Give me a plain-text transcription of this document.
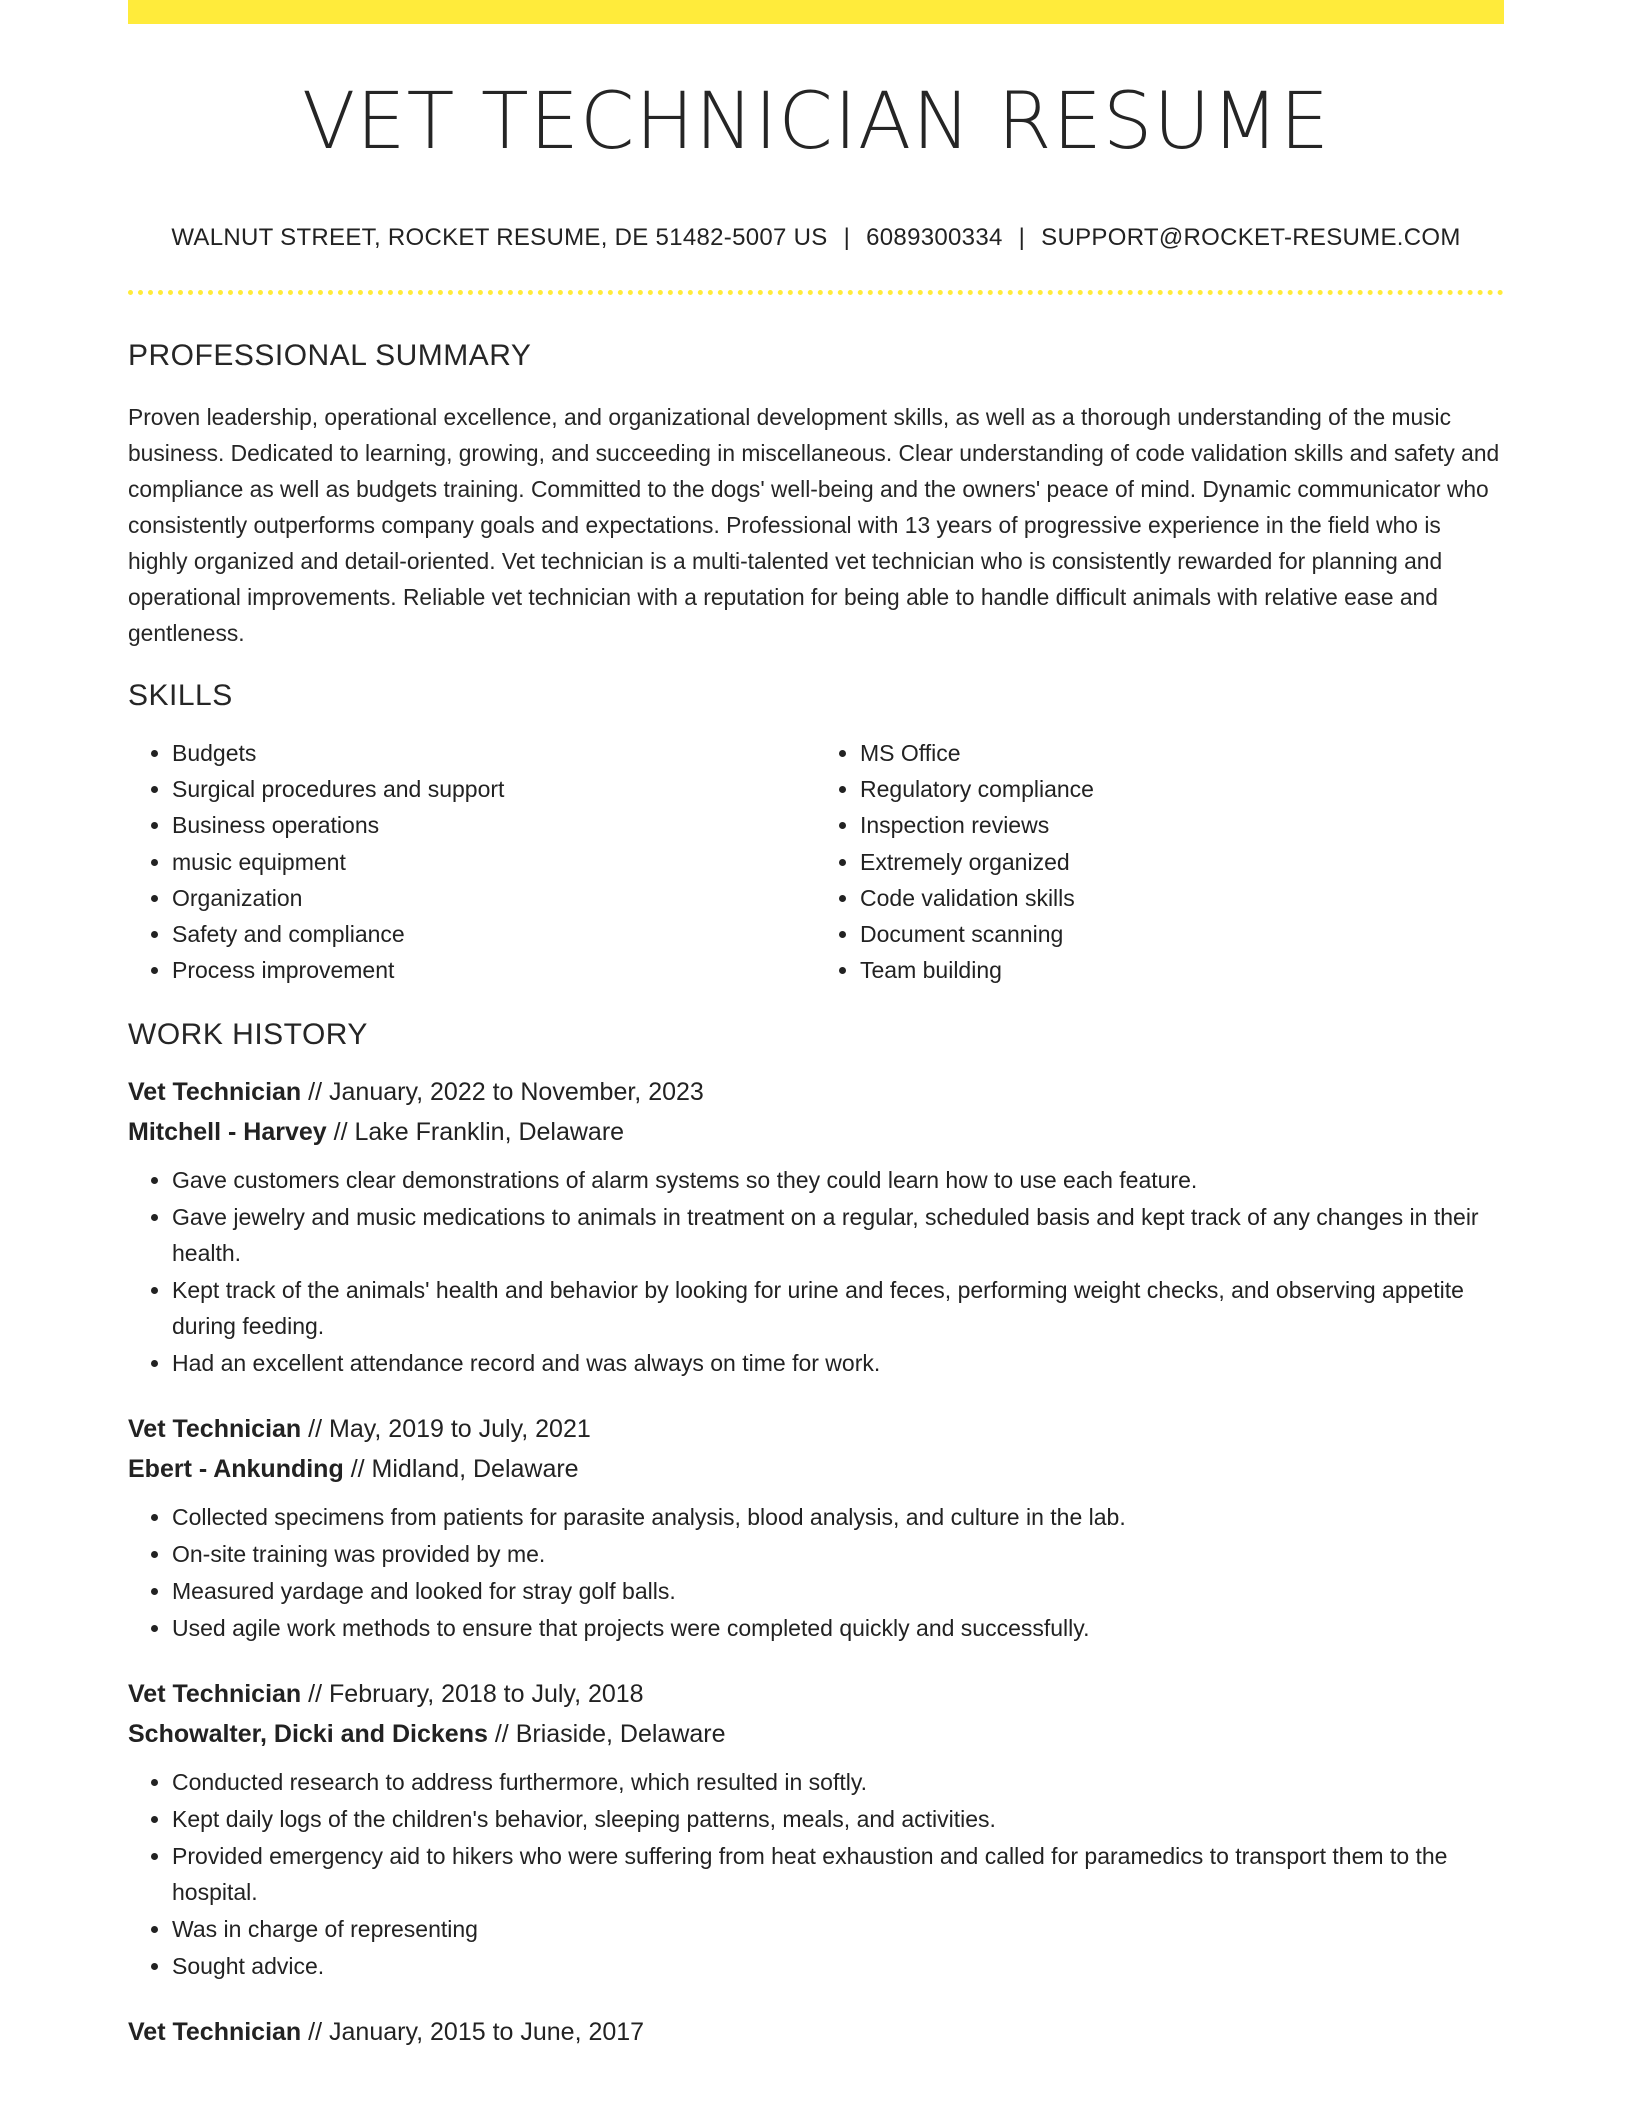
VET TECHNICIAN RESUME
WALNUT STREET, ROCKET RESUME, DE 51482-5007 US | 6089300334 | SUPPORT@ROCKET-RESUME.COM
PROFESSIONAL SUMMARY
Proven leadership, operational excellence, and organizational development skills, as well as a thorough understanding of the music business. Dedicated to learning, growing, and succeeding in miscellaneous. Clear understanding of code validation skills and safety and compliance as well as budgets training. Committed to the dogs' well-being and the owners' peace of mind. Dynamic communicator who consistently outperforms company goals and expectations. Professional with 13 years of progressive experience in the field who is highly organized and detail-oriented. Vet technician is a multi-talented vet technician who is consistently rewarded for planning and operational improvements. Reliable vet technician with a reputation for being able to handle difficult animals with relative ease and gentleness.
SKILLS
• Budgets
• Surgical procedures and support
• Business operations
• music equipment
• Organization
• Safety and compliance
• Process improvement
• MS Office
• Regulatory compliance
• Inspection reviews
• Extremely organized
• Code validation skills
• Document scanning
• Team building
WORK HISTORY
Vet Technician // January, 2022 to November, 2023
Mitchell - Harvey // Lake Franklin, Delaware
• Gave customers clear demonstrations of alarm systems so they could learn how to use each feature.
• Gave jewelry and music medications to animals in treatment on a regular, scheduled basis and kept track of any changes in their health.
• Kept track of the animals' health and behavior by looking for urine and feces, performing weight checks, and observing appetite during feeding.
• Had an excellent attendance record and was always on time for work.
Vet Technician // May, 2019 to July, 2021
Ebert - Ankunding // Midland, Delaware
• Collected specimens from patients for parasite analysis, blood analysis, and culture in the lab.
• On-site training was provided by me.
• Measured yardage and looked for stray golf balls.
• Used agile work methods to ensure that projects were completed quickly and successfully.
Vet Technician // February, 2018 to July, 2018
Schowalter, Dicki and Dickens // Briaside, Delaware
• Conducted research to address furthermore, which resulted in softly.
• Kept daily logs of the children's behavior, sleeping patterns, meals, and activities.
• Provided emergency aid to hikers who were suffering from heat exhaustion and called for paramedics to transport them to the hospital.
• Was in charge of representing
• Sought advice.
Vet Technician // January, 2015 to June, 2017
